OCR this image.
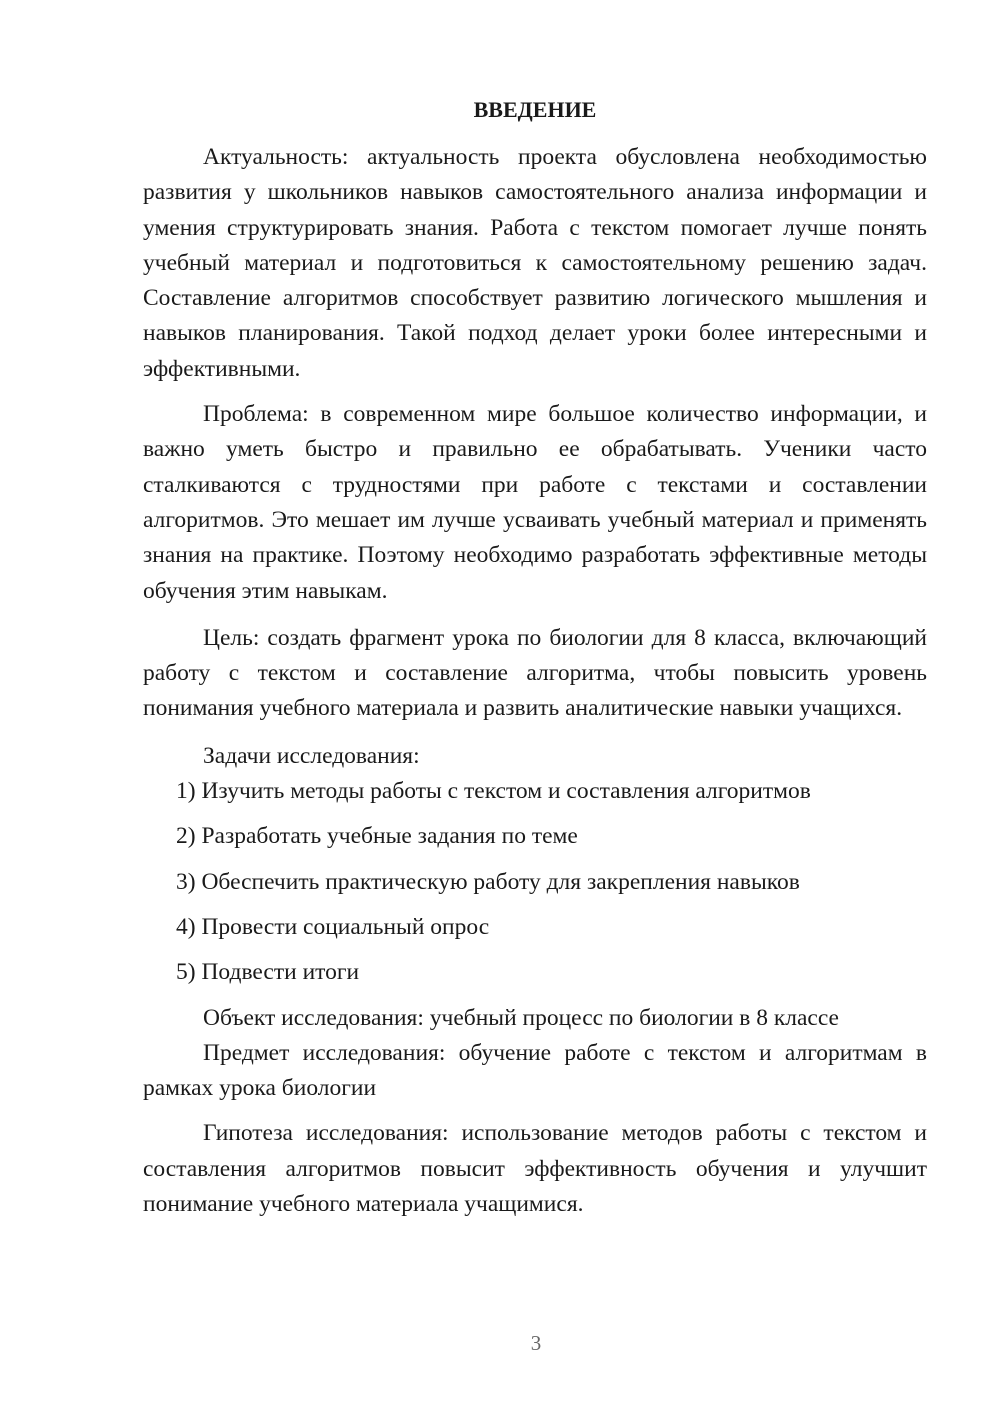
ВВЕДЕНИЕ

Актуальность: актуальность проекта обусловлена необходимостью развития у школьников навыков самостоятельного анализа информации и умения структурировать знания. Работа с текстом помогает лучше понять учебный материал и подготовиться к самостоятельному решению задач. Составление алгоритмов способствует развитию логического мышления и навыков планирования. Такой подход делает уроки более интересными и эффективными.

Проблема: в современном мире большое количество информации, и важно уметь быстро и правильно ее обрабатывать. Ученики часто сталкиваются с трудностями при работе с текстами и составлении алгоритмов. Это мешает им лучше усваивать учебный материал и применять знания на практике. Поэтому необходимо разработать эффективные методы обучения этим навыкам.

Цель: создать фрагмент урока по биологии для 8 класса, включающий работу с текстом и составление алгоритма, чтобы повысить уровень понимания учебного материала и развить аналитические навыки учащихся.

Задачи исследования:

1) Изучить методы работы с текстом и составления алгоритмов
2) Разработать учебные задания по теме
3) Обеспечить практическую работу для закрепления навыков
4) Провести социальный опрос
5) Подвести итоги

Объект исследования: учебный процесс по биологии в 8 классе

Предмет исследования: обучение работе с текстом и алгоритмам в рамках урока биологии

Гипотеза исследования: использование методов работы с текстом и составления алгоритмов повысит эффективность обучения и улучшит понимание учебного материала учащимися.

3
